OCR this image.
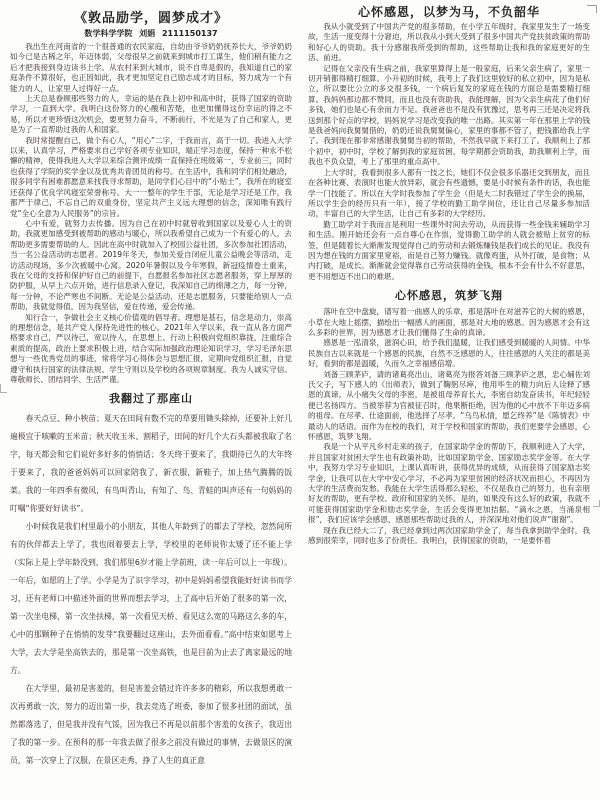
《敦品励学，圆梦成才》
数学科学学院 刘娟 2111150137

我出生在河南省的一个很普通的农民家庭，自幼由爷爷奶奶抚养长大，爷爷奶奶如今已是古稀之年，年迈体弱，父母很早之前就来到城市打工谋生，他们稍有能力之后才把我接到身边读书上学。从农村来到大城市，说不自卑是假的，我知道自己的家庭条件不算很好，也正因如此，我才更加坚定自己励志成才的目标，努力成为一个有能力的人，让家里人过得好一点。

上天总是眷顾那些努力的人，幸运的是在我上初中和高中时，获得了国家的资助学习，一直到大学。我明白这份努力的心酸和苦楚，也更加懂得这份幸运的得之不易，所以才更珍惜这次机会，要更努力奋斗，不断前行，不光是为了自己和家人，更是为了一直帮助过我的人和国家。

我时常提醒自己，做个有心人，“用心”二字，于我而言，高于一切。我进入大学以来，认真学习，严格要求自己学好各项专业知识，端正学习态度，保持一种永不松懈的精神，使得我进入大学以来综合测评成绩一直保持在班级第一，专业前三，同时也获得了学院的奖学金以及优秀共青团员的称号。在生活中，我和同学们相处融洽，很多同学有困难都愿意来找我寻求帮助，是同学们心目中的“小贴士”，我所在的寝室还获得了优良学风寝室荣誉称号。大一一整年的学生干部，无论是学习还是工作，我都严于律己，不忘自己的双重身份，坚定共产主义远大理想的信念，深知唯有践行党“全心全意为人民服务”的宗旨。

心中有爱，就努力去传播。因为自己在初中时就曾收到国家以及爱心人士的资助，我就更加感受到被帮助的感动与暖心，所以我希望自己成为一个有爱心的人，去帮助更多需要帮助的人。因此在高中时就加入了校园公益社团，多次参加社团活动，当一名公益活动的志愿者。2019年冬天，参加关爱自闭症儿童公益晚会等活动，走访活动现场，多少次被暖中心窝。2020年暑假以及今年寒假，新冠疫情卷土重来，我在父母的支持和保护好自己的前提下，自愿报名参加社区志愿者服务，穿上厚厚的防护服，从早上六点开始，进行信息录入登记，我深知自己的绵薄之力，每一分钟，每一分钟，不论严寒也不间断。无论是公益活动，还是志愿服务，只要能给别人一点帮助，我就觉得值，因为我坚信，爱在传递，爱会传递。

知行合一，争做社会主义核心价值观的倡导者。理想是基石，信念是动力，崇高的理想信念，是共产党人保持先进性的核心。2021年入学以来，我一直从各方面严格要求自己，严以待己，宽以待人，在思想上、行动上积极向党组织靠拢，注重综合素质的提高，政治上要求积极上进，结合实际加强政治理论知识学习，学习毛泽东思想与一些优秀党员的事迹，常将学习心得体会与思想汇报，定期向党组织汇报，自觉遵守和执行国家的法律法规、学生守则以及学校的各项规章制度。我为人诚实守信、尊敬师长、团结同学、生活严谨。

我翻过了那座山

春天点豆、种小秧苗；夏天在田间有数不完的草要用锄头除掉，还要补上好几遍极宜于咳嗽的玉米苗；秋天收玉米、割稻子，田间的好几个大石头都被我取了名字，每天都会和它们说好多好多的悄悄话；冬天终于要来了，我期待已久的大年终于要来了，我的爸爸妈妈可以回家陪我了，新衣服，新鞋子，加上热气腾腾的饭菜。我的一年四季有微风，有鸟叫青山，有知了、鸟、青蛙的叫声还有一句妈妈的叮嘱“你要好好读书”。

小时候我是我们村里最小的小朋友，其他人年龄到了的都去了学校，忽然间所有的伙伴都去上学了，我也闹着要去上学，学校里的老师说你太矮了还不能上学（实际上是上学年龄没到，我们那里6岁才能上学前班，读一年后可以上一年级）。一年后，如愿的上了学。小学是为了识字学习，初中是妈妈希望我能好好读书而学习，还有老师口中描述外面的世界而想去学习，上了高中后开始了很多的第一次，第一次坐电梯，第一次坐扶梯，第一次看见天桥、看见这么宽的马路这么多的车，心中的那颗种子在悄悄的发芽“我要翻过这座山，去外面看看。”高中结束如愿考上大学，去大学是坐高铁去的，那是第一次坐高铁，也是目前为止去了离家最远的地方。

在大学里，最初是害羞的，但是害羞会错过许许多多的精彩，所以我想勇敢一次再勇敢一次，努力的迈出第一步，我去竞选了班委，参加了很多社团的面试，虽然都落选了，但是我并没有气馁，因为我已不再是以前那个害羞的女孩子，我迈出了我的第一步。在预科的那一年我去做了很多之前没有做过的事情，去做景区的演员，第一次穿上了汉服，在景区走秀，挣了人生的真正意

心怀感恩，以梦为马，不负韶华

我从小就受到了中国共产党的很多帮助，在小学五年级时，我家里发生了一场变故，生活一度变得十分窘迫，所以我从小到大受到了很多中国共产党扶贫政策的帮助和好心人的资助。我十分感谢我所受到的帮助，这些帮助让我和我的家庭更好的生活、前进。

记得在父亲没有生病之前，我家里算得上是一般家庭，后来父亲生病了，家里一切开销都得精打细算。小升初的时候，我考上了我们这里较好的私立初中，因为是私立，所以要比公立的多交很多钱，一个病后复发的家庭在钱的方面总是需要精打细算。我妈妈那边都不赞同，而且也没有资助我，我能理解，因为父亲生病花了他们好多钱，她们也是心有余而力不足。我爸爸也不是没有犹豫过，思考再三还是决定将我送到那个好点的学校，妈妈说学习是改变我的唯一出路。其实第一年在那里上学的钱是我爸妈向我舅舅借的，奶奶还说我舅舅偏心，家里的事都不管了，把钱都给我上学了。我到现在都非常感谢我舅舅当初的帮助，不然我早就下来打工了。我顺利上了那个初中，初中时，学校了解到我的家庭贫困，每学期都会资助我，助我顺利上学，而我也不负众望，考上了那里的重点高中。

上大学时，我看到很多人都有一技之长，她们不仅会很多乐器还交到朋友，而且在各种比赛、表演时也能大放异彩，就会有些遗憾，要是小时候有条件的话，我也能学一门技能了。所以在大学时我参加了学生会（但是大二时我错过了学生会的换届，所以学生会的经历只有一年），接了学校的勤工助学岗位，还让自己尽量多参加活动，丰富自己的大学生活，让自己有多彩的大学经历。

勤工助学对于我而言是利用一些课外时间去劳动，从而获得一些金钱来辅助学习和生活。刚开始还会有一点自尊心在作祟，觉得勤工助学的人就会被贴上贫穷的标签，但是随着长大渐渐发现觉得自己的劳动和去锻炼赚钱是我们成长的见证。我没有因为想在钱的方面家里宽裕，而是自己努力赚钱。就像鸡蛋，从外打破，是食物；从内打破，是成长。渐渐就会觉得靠自己劳动获得的金钱，根本不会有什么不好意思，更不用想迈不出口的难堪。

心怀感恩，筑梦飞翔

落叶在空中盘旋，谱写着一曲感人的乐章，那是落叶在对滋养它的大树的感恩，小草在大地上摇摆，描绘出一幅感人的画面，那是对大地的感恩。因为感恩才会有这么多彩的世界，因为感恩才让我们懂得了生命的真谛。

感恩是一泓清泉，滋润心田，给予我们温暖，让我们感受到暖暖的人间情。中华民族自古以来就是一个感恩的民族，自然不乏感恩的人，往往感恩的人关注的都是美好，看到的都是温暖，久而久之幸福感倍增。

刘备三顾茅庐，请的诸葛亮出山，诸葛亮为报答刘备三顾茅庐之恩，忠心辅佐刘氏父子，写下感人的《出师表》，做到了鞠躬尽瘁，他用毕生的精力向后人诠释了感恩的真谛。从小痛失父母的李密，是被祖母养育长大，李密自幼发奋读书，年纪轻轻便已名扬四方。当被举荐为官被征召时，他果断拒绝，因为他的心中放不下年迈多病的祖母。在尽孝、仕途面前，他选择了尽孝。“乌鸟私情，愿乞终养”是《陈情表》中最动人的话语。而作为在校的我们，对于学校和国家的帮助，我们更要学会感恩，心怀感恩，筑梦飞翔。

我是一个从平凡乡村走来的孩子，在国家助学金的帮助下，我顺利进入了大学，并且国家对贫困大学生也有政策补助，比如国家助学金、国家励志奖学金等。在大学中，我努力学习专业知识，上课认真听讲，获得优异的成绩，从而获得了国家励志奖学金，让我可以在大学中安心学习，不必再为家里贫困的经济状况而担心，不再因为大学的生活费而发愁。我能在大学生活得那么轻松，不仅是我自己的努力，也有亲朋好友的帮助，更有学校、政府和国家的关怀。是的，如果没有这么好的政策，我就不可能获得国家助学金和励志奖学金，生活会变得更加拮据。“滴水之恩，当涌泉相报”，我们应该学会感恩，感恩那些帮助过我的人，并深深地对他们说声“谢谢”。

现在我已经大二了，我已经拿到过两次国家助学金了，每当我拿到助学金时，我感到很荣幸，同时也多了份责任。我明白，获得国家的资助，一是要怀着
